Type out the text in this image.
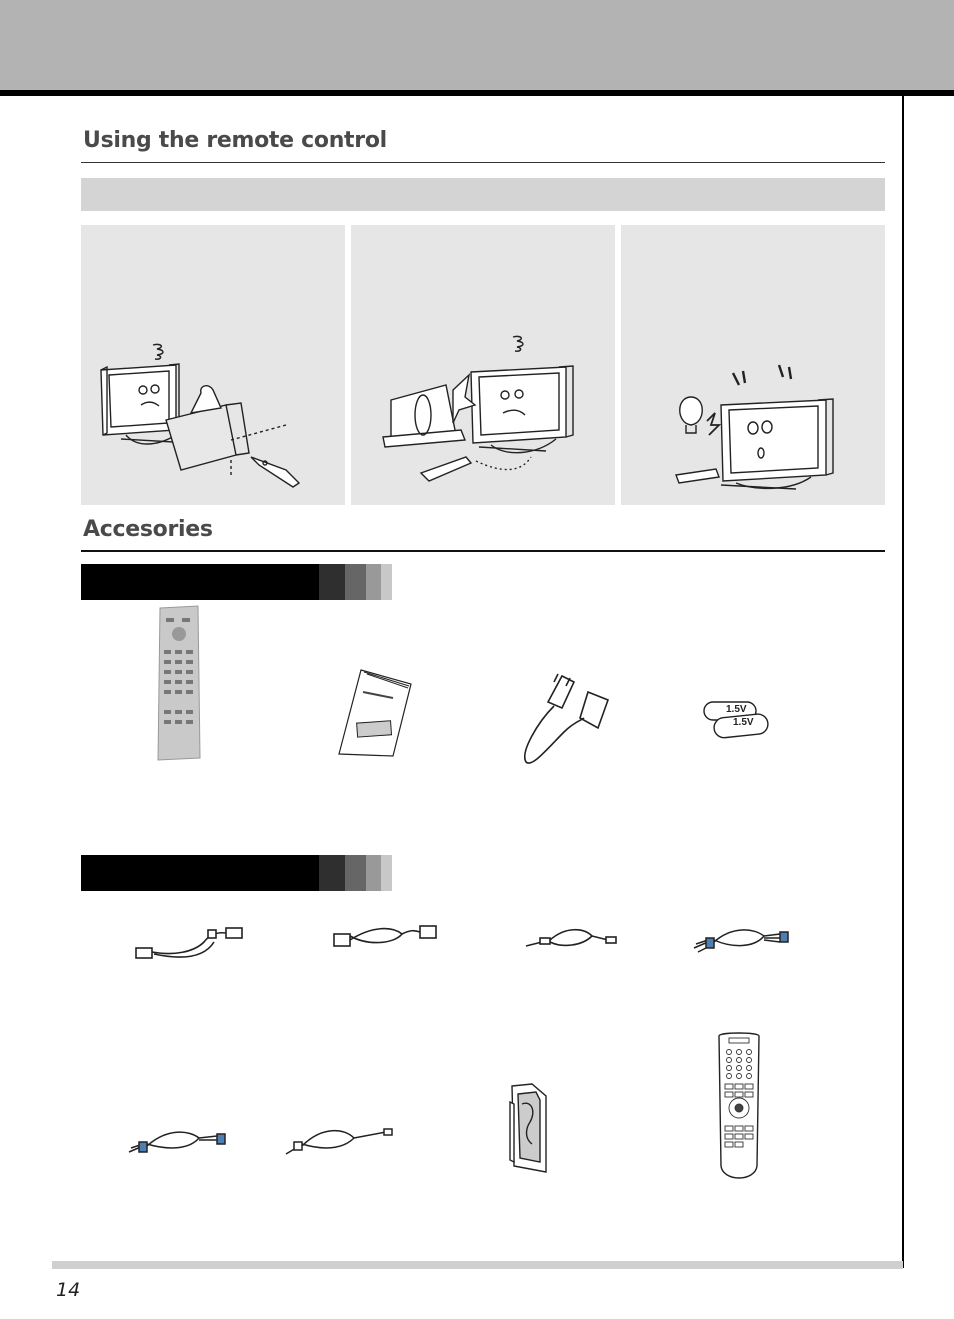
Using the remote control
Accesories
1.5V
1.5V
14
